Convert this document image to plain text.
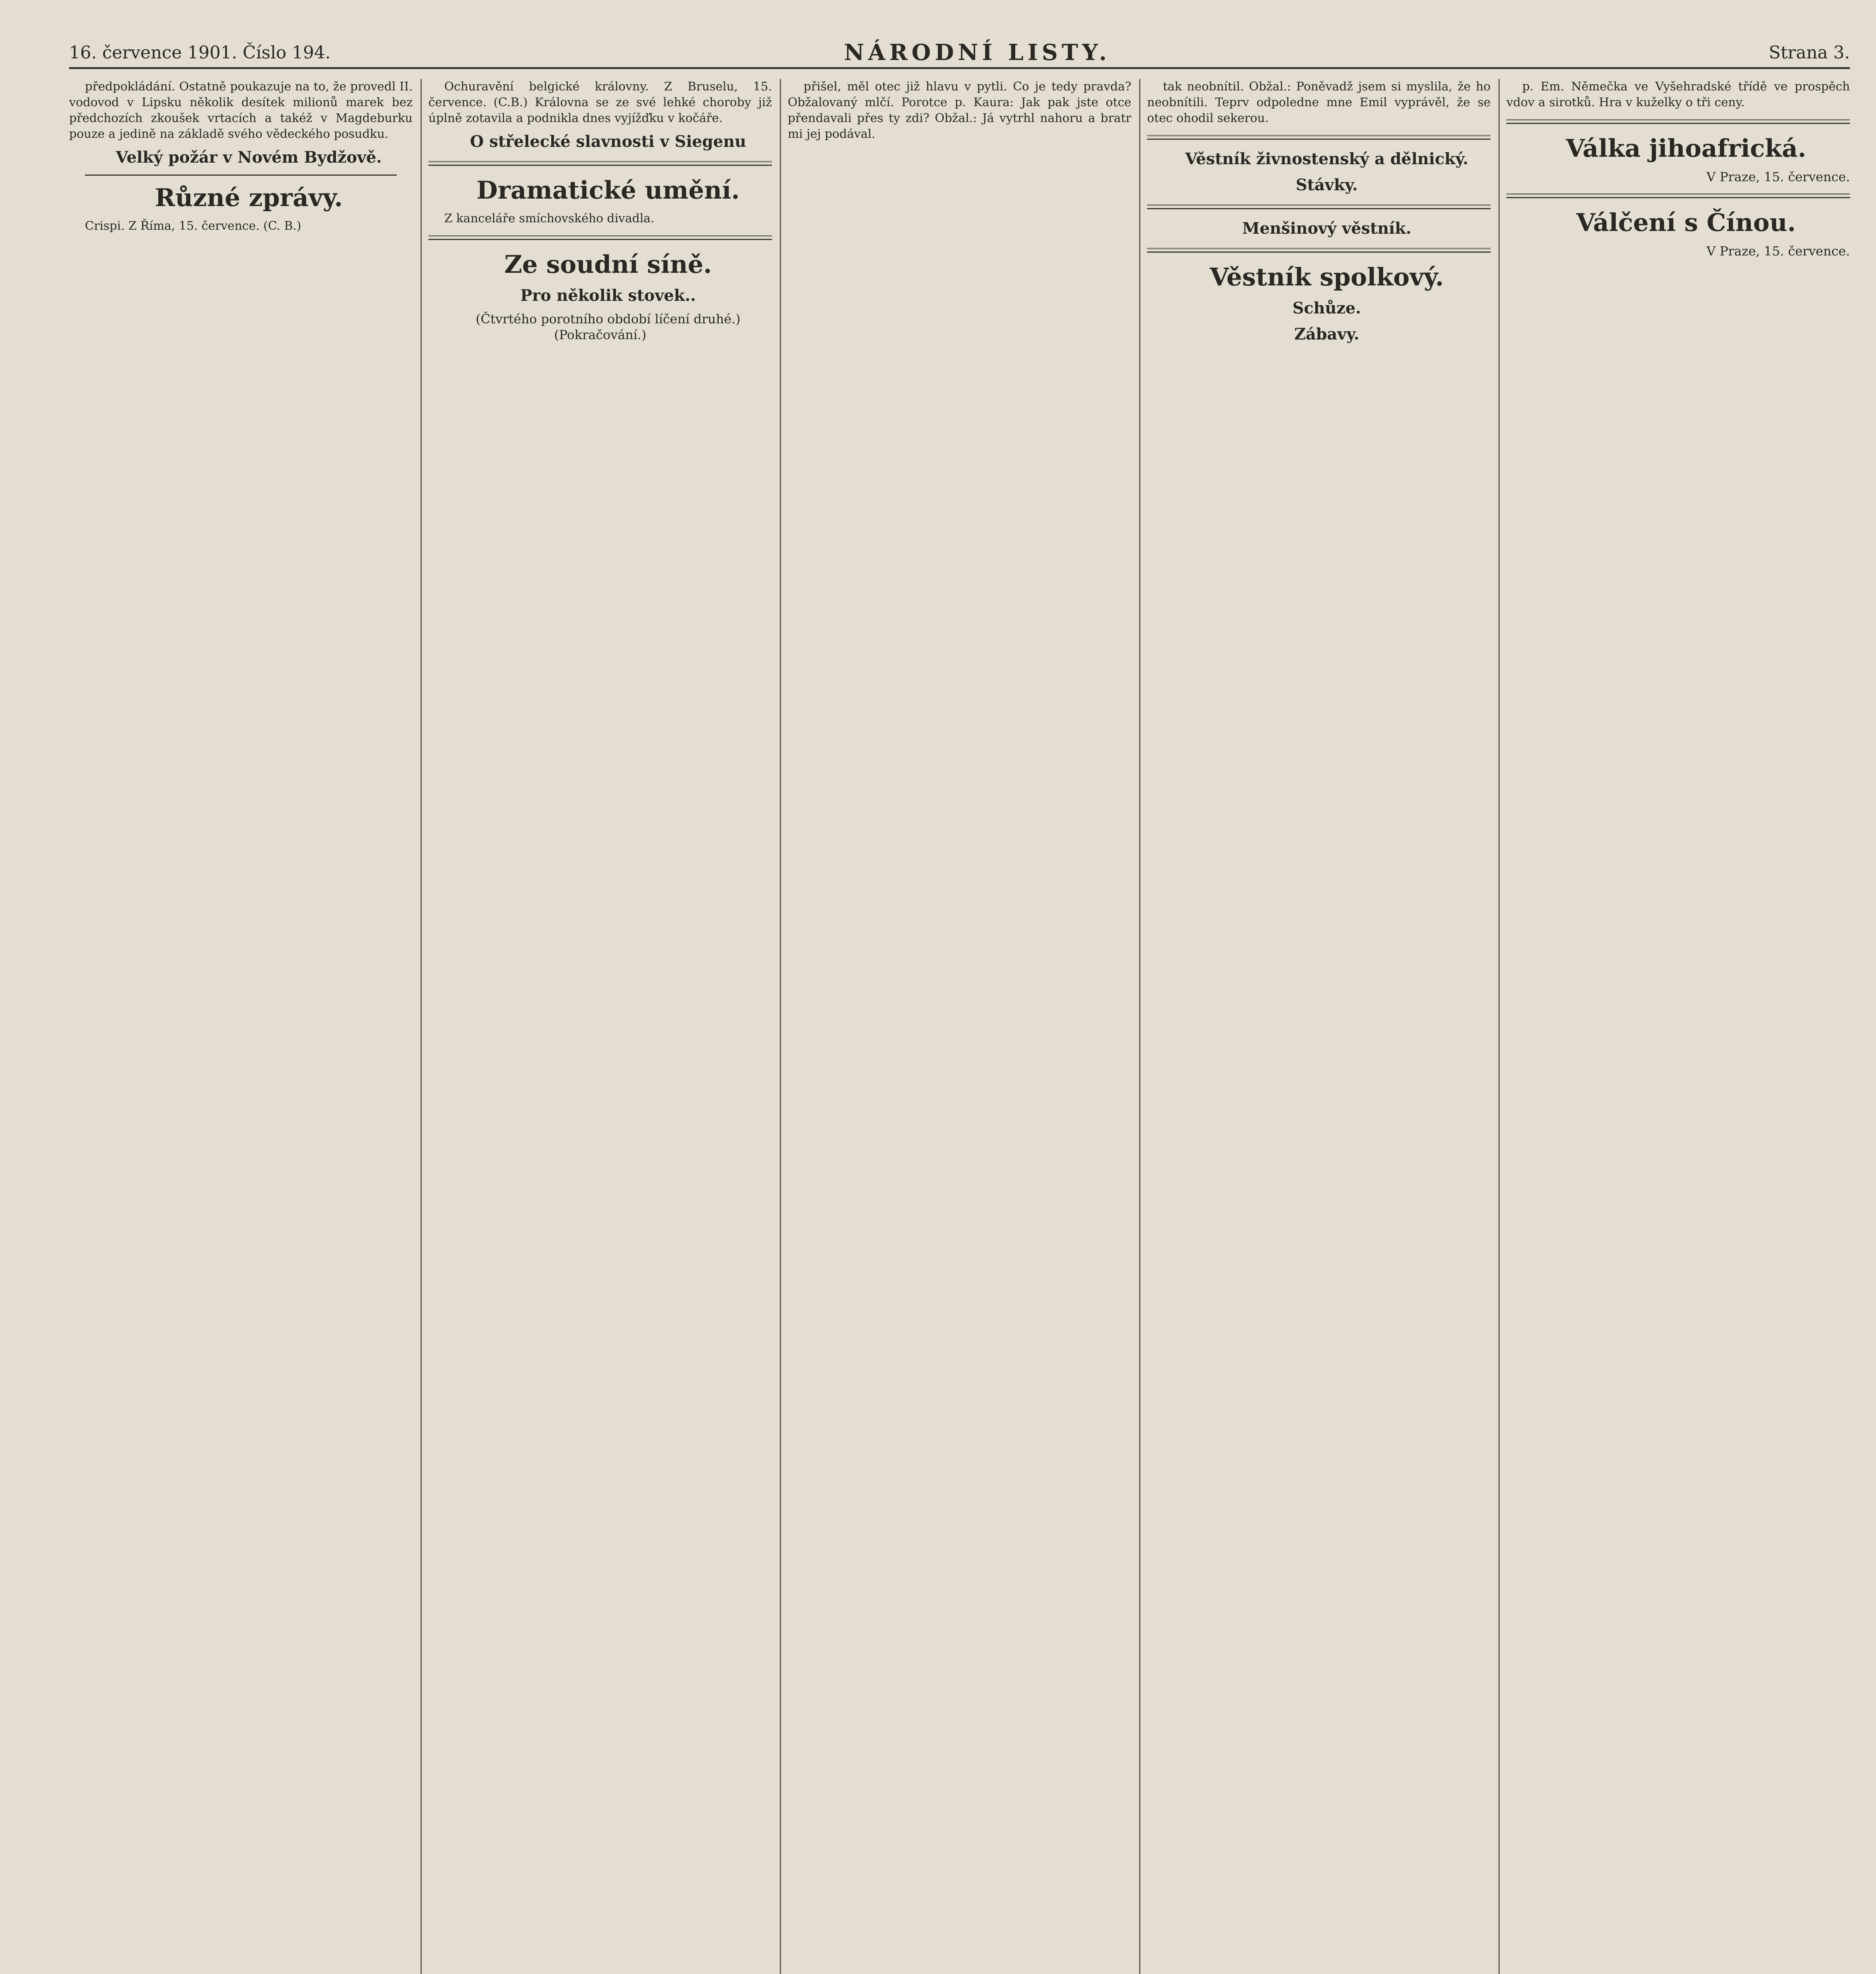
16. července 1901. Číslo 194.	NÁRODNÍ LISTY.	Strana 3.

předpokládání. Ostatně poukazuje na to, že provedl II. vodovod v Lipsku několik desítek milionů marek bez předchozích zkoušek vrtacích a takéž v Magdeburku pouze a jedině na základě svého vědeckého posudku.

Velký požár v Novém Bydžově.

Různé zprávy.

Crispi. Z Říma, 15. července. (C. B.)

Ochuravění belgické královny. Z Bruselu, 15. července. (C.B.) Královna se ze své lehké choroby již úplně zotavila a podnikla dnes vyjížďku v kočáře.

O střelecké slavnosti v Siegenu

Dramatické umění.

Z kanceláře smíchovského divadla.

Ze soudní síně.

Pro několik stovek..

(Čtvrtého porotního období líčení druhé.) (Pokračování.)

přišel, měl otec již hlavu v pytli. Co je tedy pravda? Obžalovaný mlčí. Porotce p. Kaura: Jak pak jste otce přendavali přes ty zdi? Obžal.: Já vytrhl nahoru a bratr mi jej podával.

tak neobnítil. Obžal.: Poněvadž jsem si myslila, že ho neobnítili. Teprv odpoledne mne Emil vyprávěl, že se otec ohodil sekerou.

Věstník živnostenský a dělnický.

Stávky.

Menšinový věstník.

Věstník spolkový.

Schůze.

Zábavy.

p. Em. Němečka ve Vyšehradské třídě ve prospěch vdov a sirotků. Hra v kuželky o tři ceny.

Válka jihoafrická.

V Praze, 15. července.

Válčení s Čínou.

V Praze, 15. července.
